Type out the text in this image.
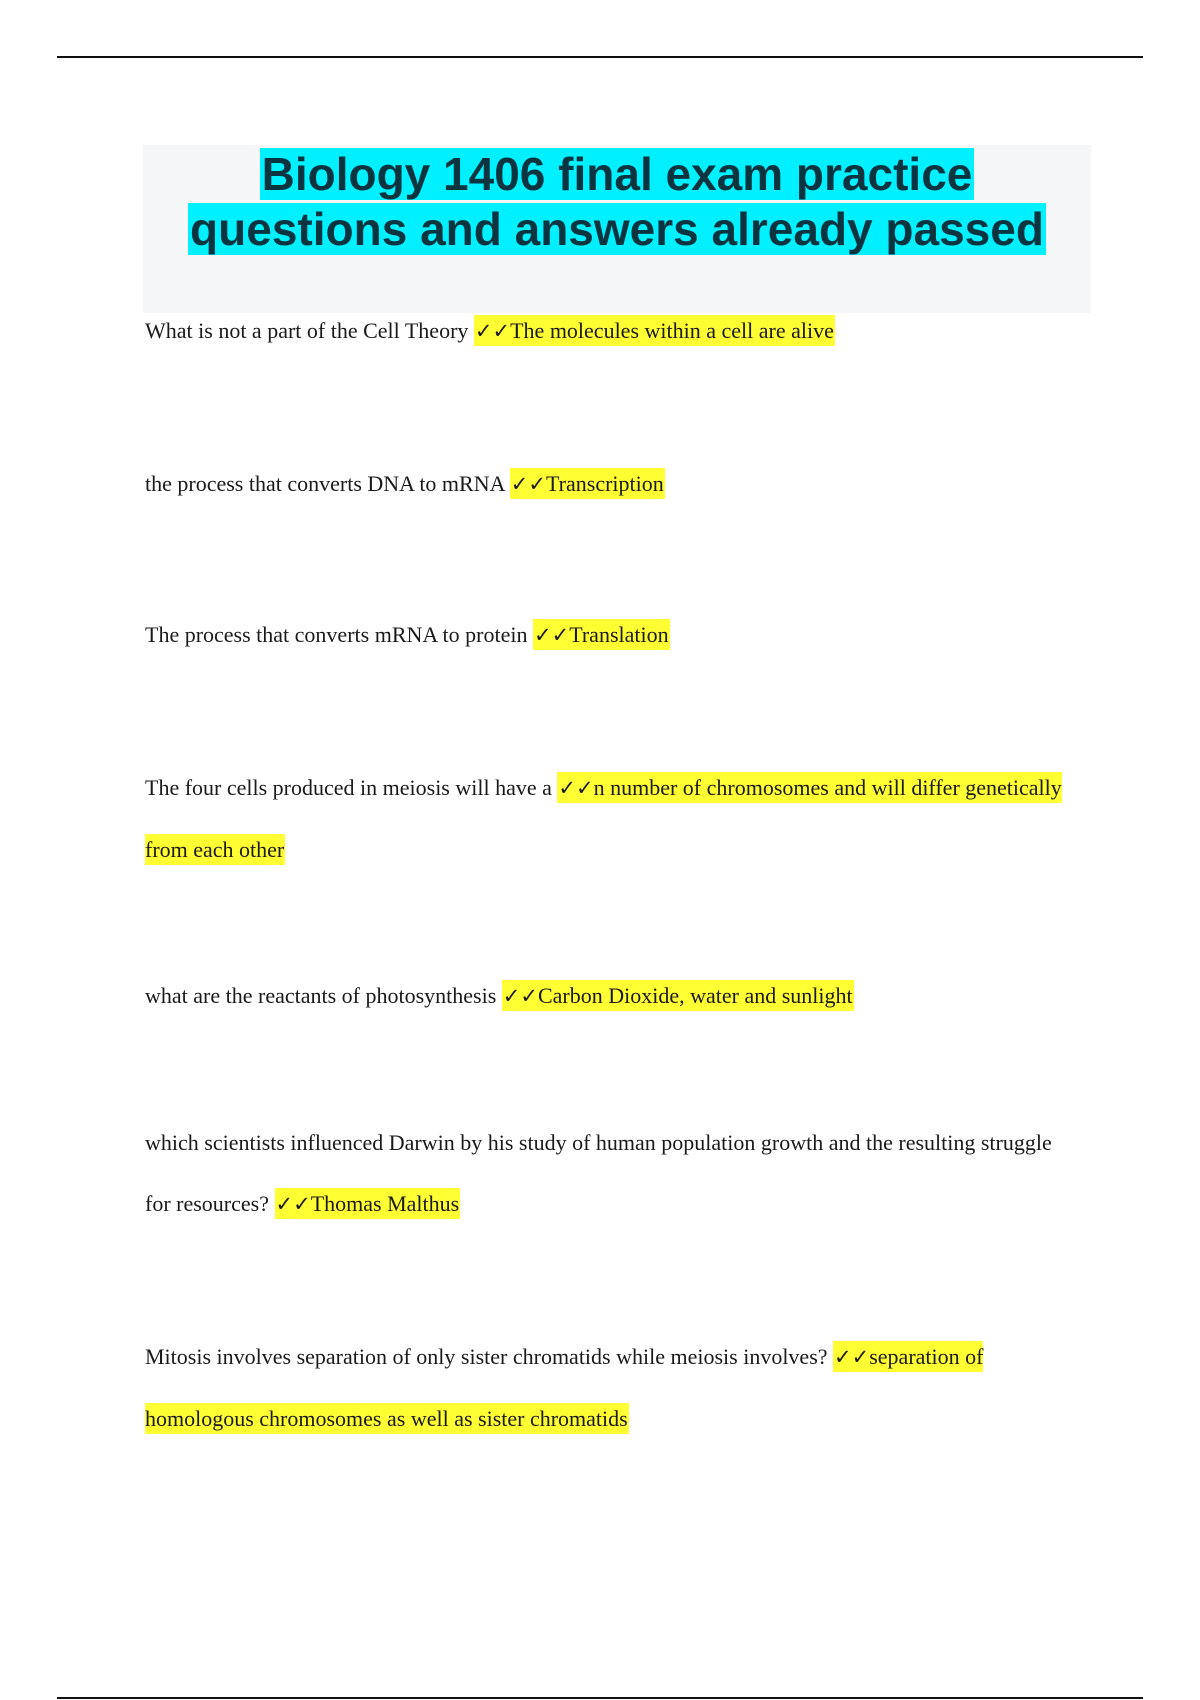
Biology 1406 final exam practice
questions and answers already passed

What is not a part of the Cell Theory ✓✓The molecules within a cell are alive

the process that converts DNA to mRNA ✓✓Transcription

The process that converts mRNA to protein ✓✓Translation

The four cells produced in meiosis will have a ✓✓n number of chromosomes and will differ genetically from each other

what are the reactants of photosynthesis ✓✓Carbon Dioxide, water and sunlight

which scientists influenced Darwin by his study of human population growth and the resulting struggle for resources? ✓✓Thomas Malthus

Mitosis involves separation of only sister chromatids while meiosis involves? ✓✓separation of homologous chromosomes as well as sister chromatids
